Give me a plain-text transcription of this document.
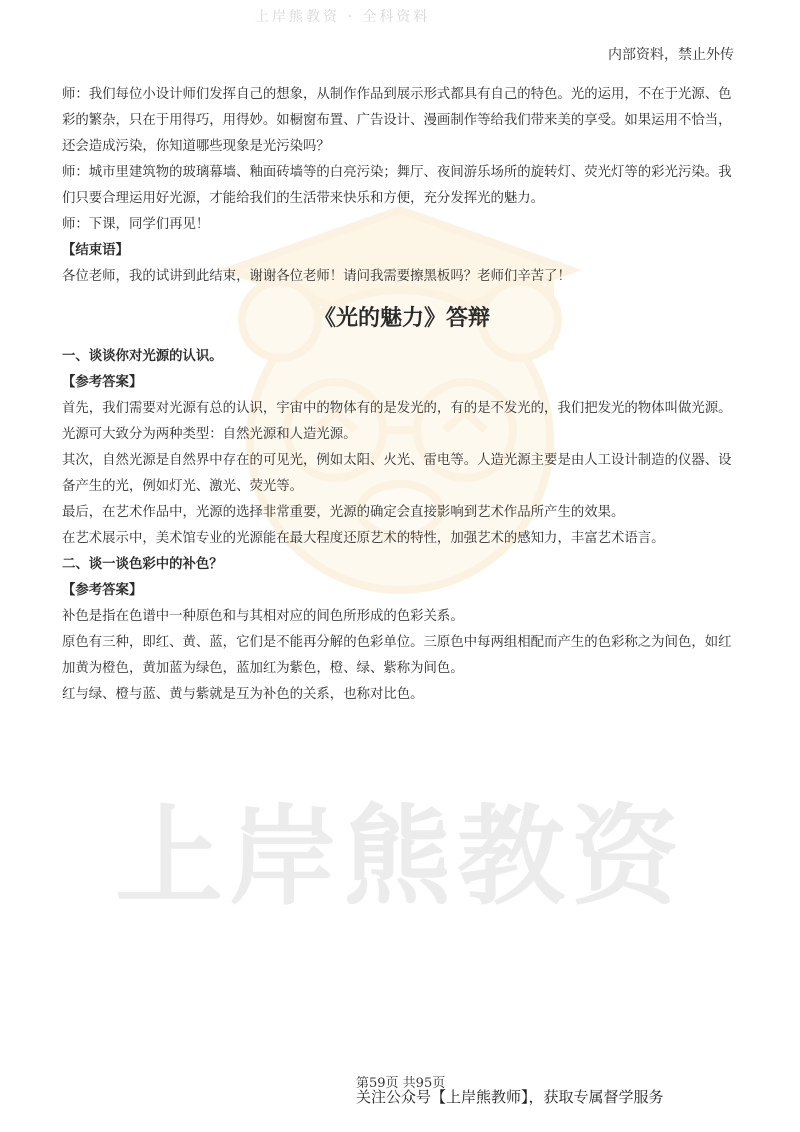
上岸熊教资
上岸熊教资 · 全科资料
内部资料，禁止外传

师：我们每位小设计师们发挥自己的想象，从制作作品到展示形式都具有自己的特色。光的运用，不在于光源、色彩的繁杂，只在于用得巧，用得妙。如橱窗布置、广告设计、漫画制作等给我们带来美的享受。如果运用不恰当，还会造成污染，你知道哪些现象是光污染吗？

师：城市里建筑物的玻璃幕墙、釉面砖墙等的白亮污染；舞厅、夜间游乐场所的旋转灯、荧光灯等的彩光污染。我们只要合理运用好光源，才能给我们的生活带来快乐和方便，充分发挥光的魅力。

师：下课，同学们再见！

【结束语】

各位老师，我的试讲到此结束，谢谢各位老师！请问我需要擦黑板吗？老师们辛苦了！

《光的魅力》答辩

一、谈谈你对光源的认识。

【参考答案】

首先，我们需要对光源有总的认识，宇宙中的物体有的是发光的，有的是不发光的，我们把发光的物体叫做光源。

光源可大致分为两种类型：自然光源和人造光源。

其次，自然光源是自然界中存在的可见光，例如太阳、火光、雷电等。人造光源主要是由人工设计制造的仪器、设备产生的光，例如灯光、激光、荧光等。

最后，在艺术作品中，光源的选择非常重要，光源的确定会直接影响到艺术作品所产生的效果。

在艺术展示中，美术馆专业的光源能在最大程度还原艺术的特性，加强艺术的感知力，丰富艺术语言。

二、谈一谈色彩中的补色？

【参考答案】

补色是指在色谱中一种原色和与其相对应的间色所形成的色彩关系。

原色有三种，即红、黄、蓝，它们是不能再分解的色彩单位。三原色中每两组相配而产生的色彩称之为间色，如红加黄为橙色，黄加蓝为绿色，蓝加红为紫色，橙、绿、紫称为间色。

红与绿、橙与蓝、黄与紫就是互为补色的关系，也称对比色。

第59页 共95页
关注公众号【上岸熊教师】，获取专属督学服务
